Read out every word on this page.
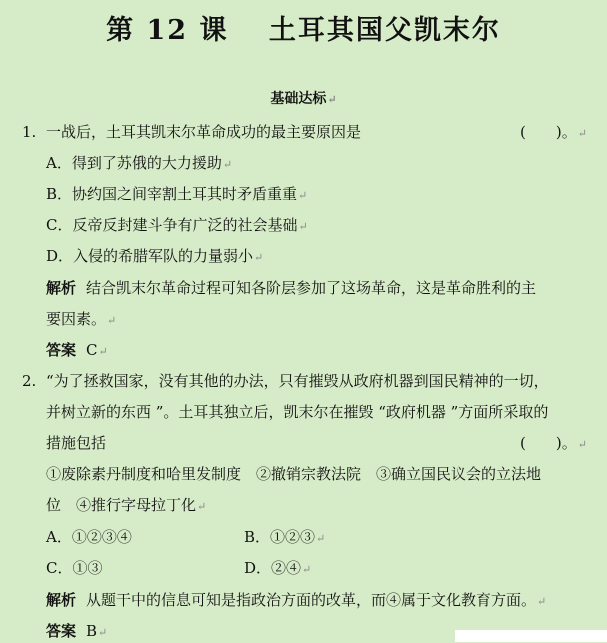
第 12 课　 土耳其国父凯末尔
基础达标↵
1. 一战后，土耳其凯末尔革命成功的最主要原因是	(　　)。↵
A．得到了苏俄的大力援助↵
B．协约国之间宰割土耳其时矛盾重重↵
C．反帝反封建斗争有广泛的社会基础↵
D．入侵的希腊军队的力量弱小↵
解析 结合凯末尔革命过程可知各阶层参加了这场革命，这是革命胜利的主
要因素。↵
答案 C↵
2. “为了拯救国家，没有其他的办法，只有摧毁从政府机器到国民精神的一切，
并树立新的东西 ”。土耳其独立后，凯末尔在摧毁 “政府机器 ”方面所采取的
措施包括	(　　)。↵
①废除素丹制度和哈里发制度　②撤销宗教法院　③确立国民议会的立法地
位　④推行字母拉丁化↵
A．①②③④	B．①②③↵
C．①③	D．②④↵
解析 从题干中的信息可知是指政治方面的改革，而④属于文化教育方面。↵
答案 B↵
